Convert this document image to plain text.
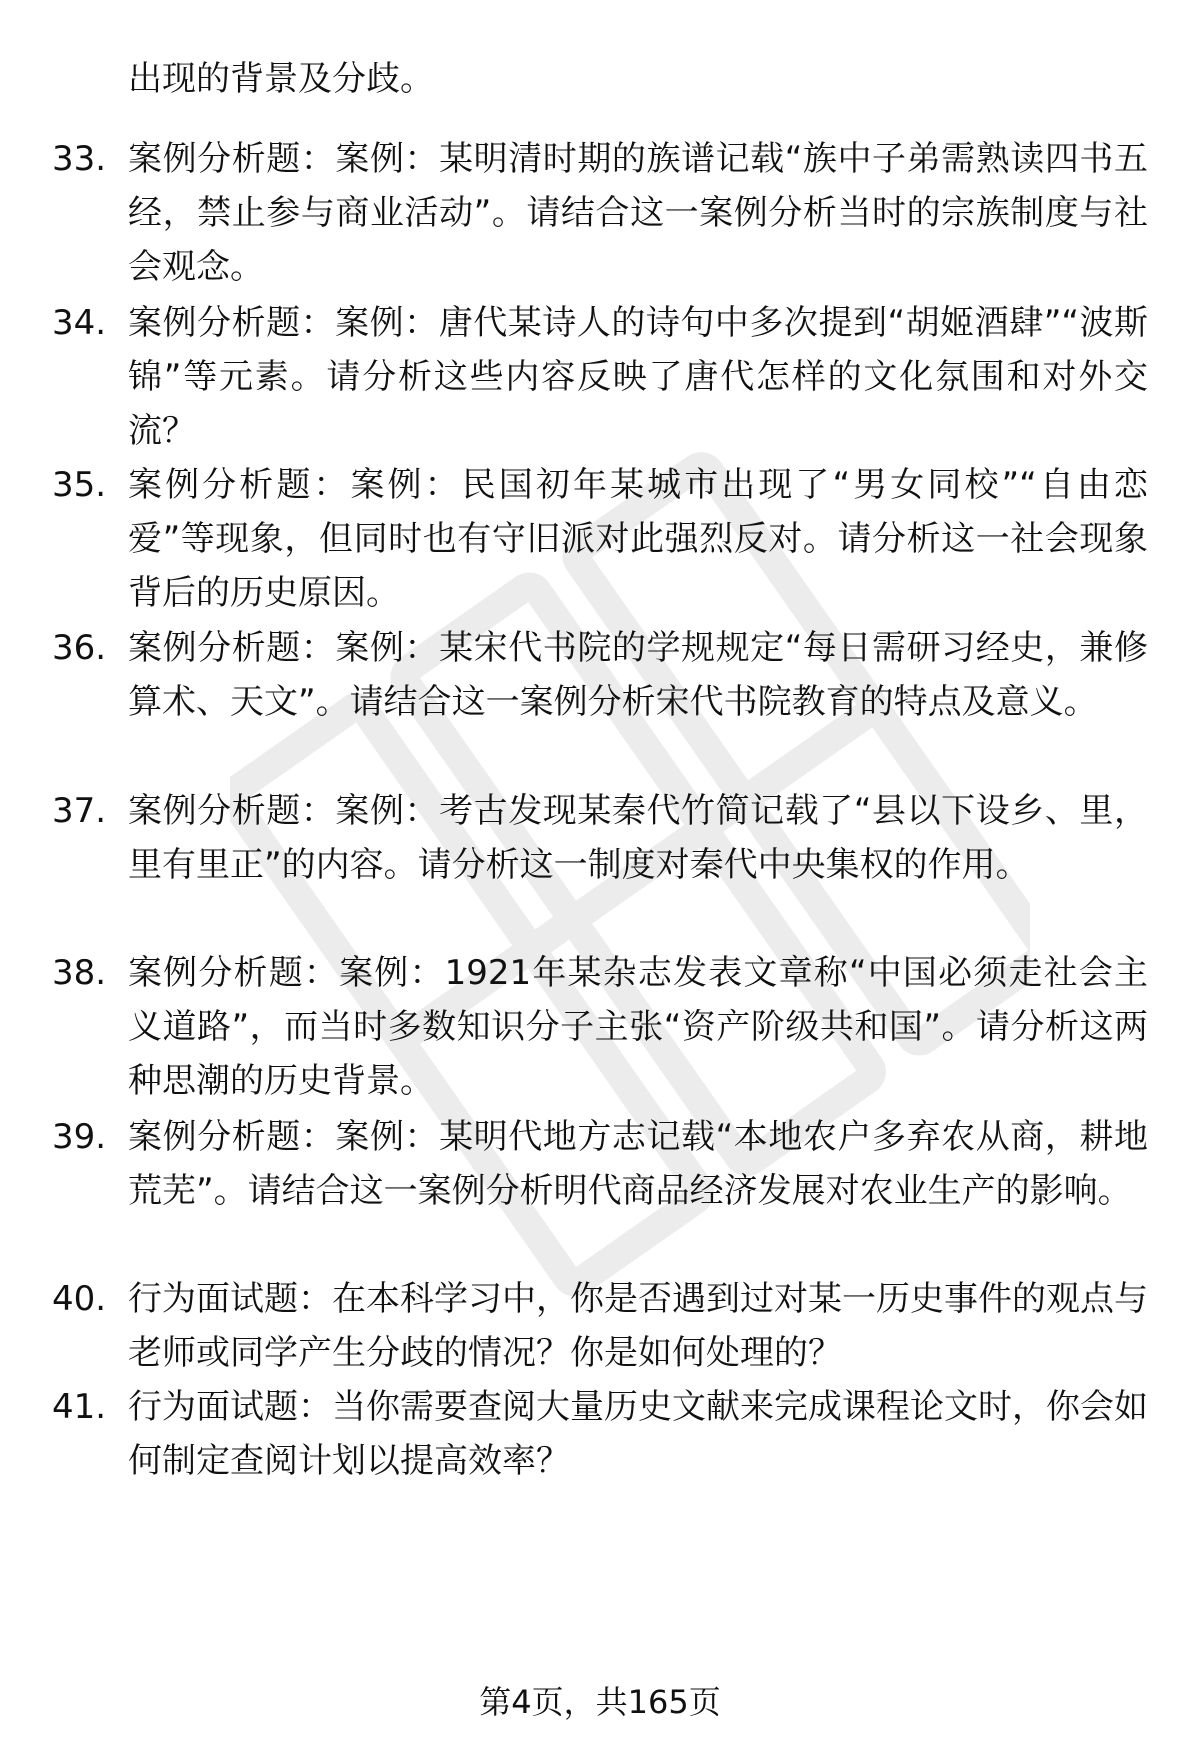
出现的背景及分歧。

33. 案例分析题：案例：某明清时期的族谱记载“族中子弟需熟读四书五经，禁止参与商业活动”。请结合这一案例分析当时的宗族制度与社会观念。
34. 案例分析题：案例：唐代某诗人的诗句中多次提到“胡姬酒肆”“波斯锦”等元素。请分析这些内容反映了唐代怎样的文化氛围和对外交流？
35. 案例分析题：案例：民国初年某城市出现了“男女同校”“自由恋爱”等现象，但同时也有守旧派对此强烈反对。请分析这一社会现象背后的历史原因。
36. 案例分析题：案例：某宋代书院的学规规定“每日需研习经史，兼修算术、天文”。请结合这一案例分析宋代书院教育的特点及意义。
37. 案例分析题：案例：考古发现某秦代竹简记载了“县以下设乡、里，里有里正”的内容。请分析这一制度对秦代中央集权的作用。
38. 案例分析题：案例：1921年某杂志发表文章称“中国必须走社会主义道路”，而当时多数知识分子主张“资产阶级共和国”。请分析这两种思潮的历史背景。
39. 案例分析题：案例：某明代地方志记载“本地农户多弃农从商，耕地荒芜”。请结合这一案例分析明代商品经济发展对农业生产的影响。
40. 行为面试题：在本科学习中，你是否遇到过对某一历史事件的观点与老师或同学产生分歧的情况？你是如何处理的？
41. 行为面试题：当你需要查阅大量历史文献来完成课程论文时，你会如何制定查阅计划以提高效率？
第4页，共165页
